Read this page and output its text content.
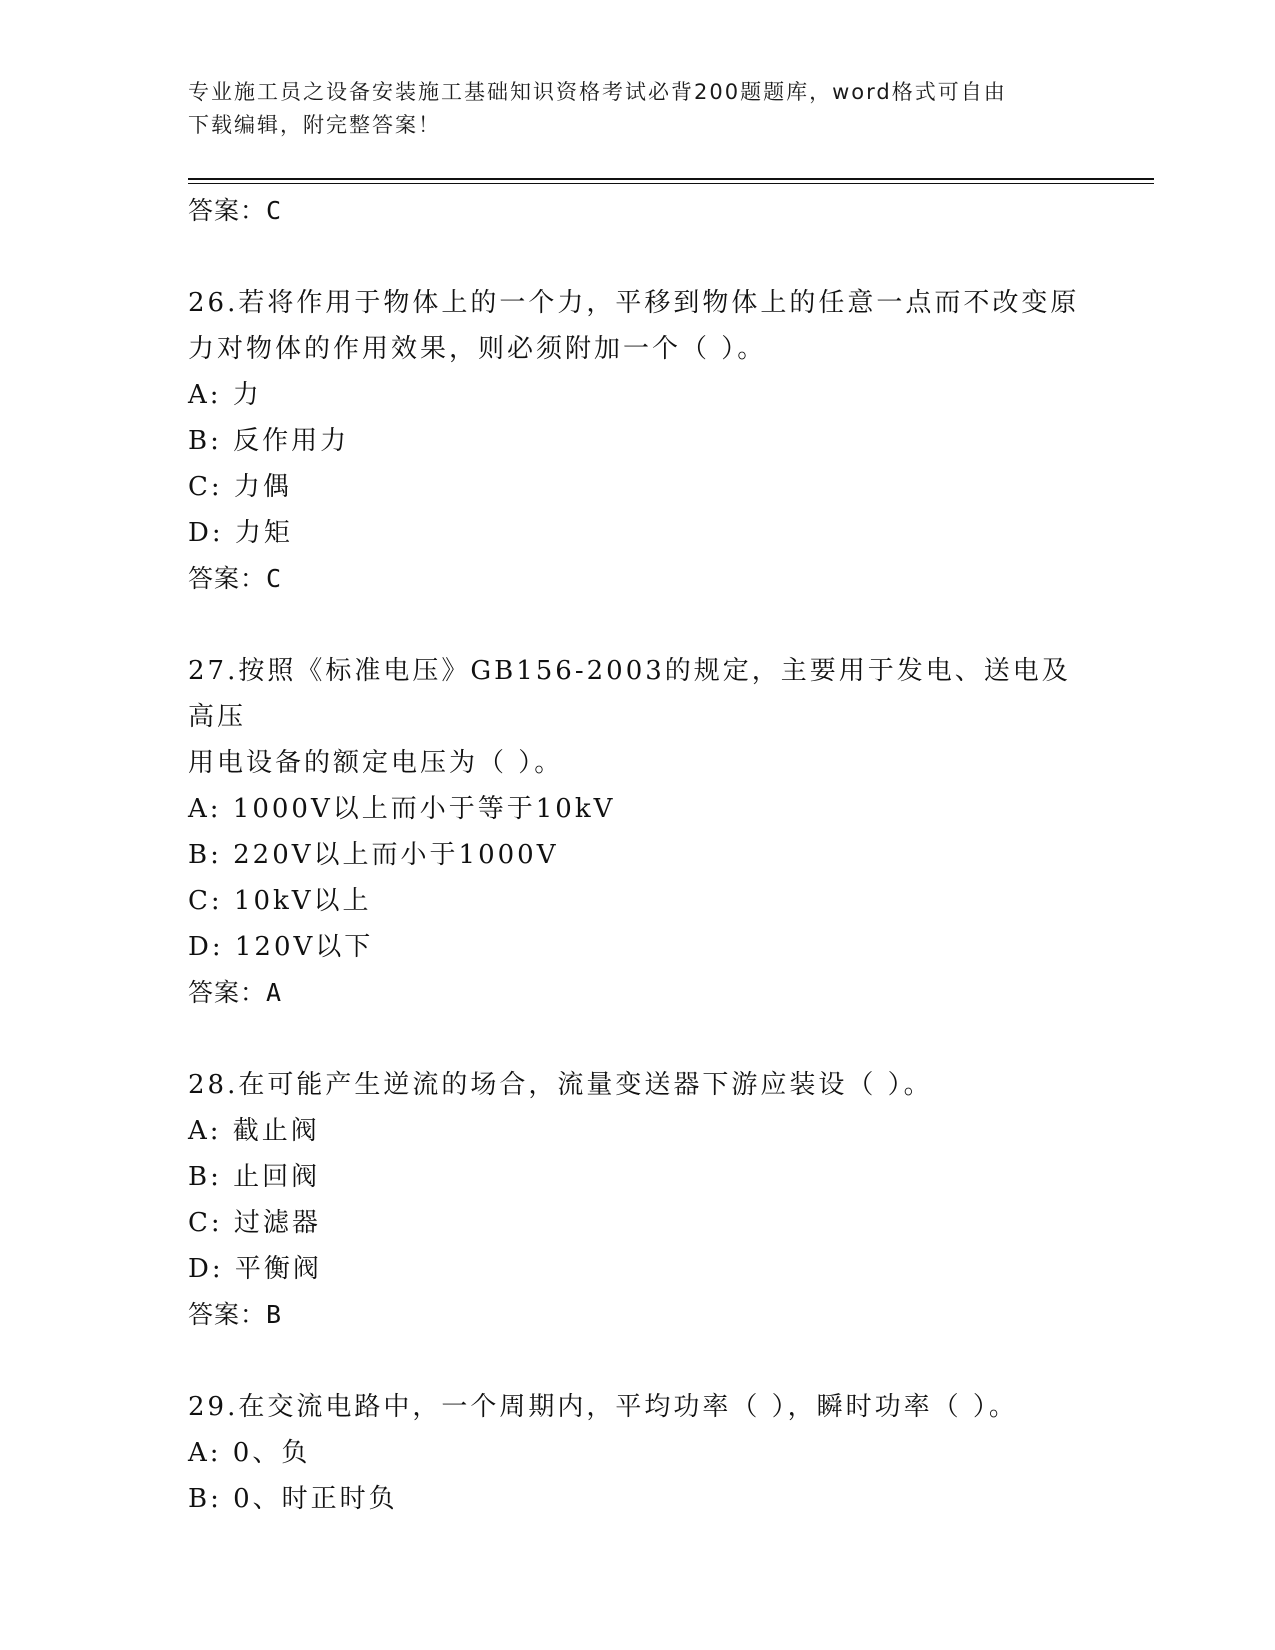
专业施工员之设备安装施工基础知识资格考试必背200题题库，word格式可自由
下载编辑，附完整答案！
答案：C
26.若将作用于物体上的一个力，平移到物体上的任意一点而不改变原
力对物体的作用效果，则必须附加一个（ ）。
A: 力
B: 反作用力
C: 力偶
D: 力矩
答案：C
27.按照《标准电压》GB156-2003的规定，主要用于发电、送电及高压
用电设备的额定电压为（ ）。
A: 1000V以上而小于等于10kV
B: 220V以上而小于1000V
C: 10kV以上
D: 120V以下
答案：A
28.在可能产生逆流的场合，流量变送器下游应装设（ ）。
A: 截止阀
B: 止回阀
C: 过滤器
D: 平衡阀
答案：B
29.在交流电路中，一个周期内，平均功率（ ），瞬时功率（ ）。
A: 0、负
B: 0、时正时负
